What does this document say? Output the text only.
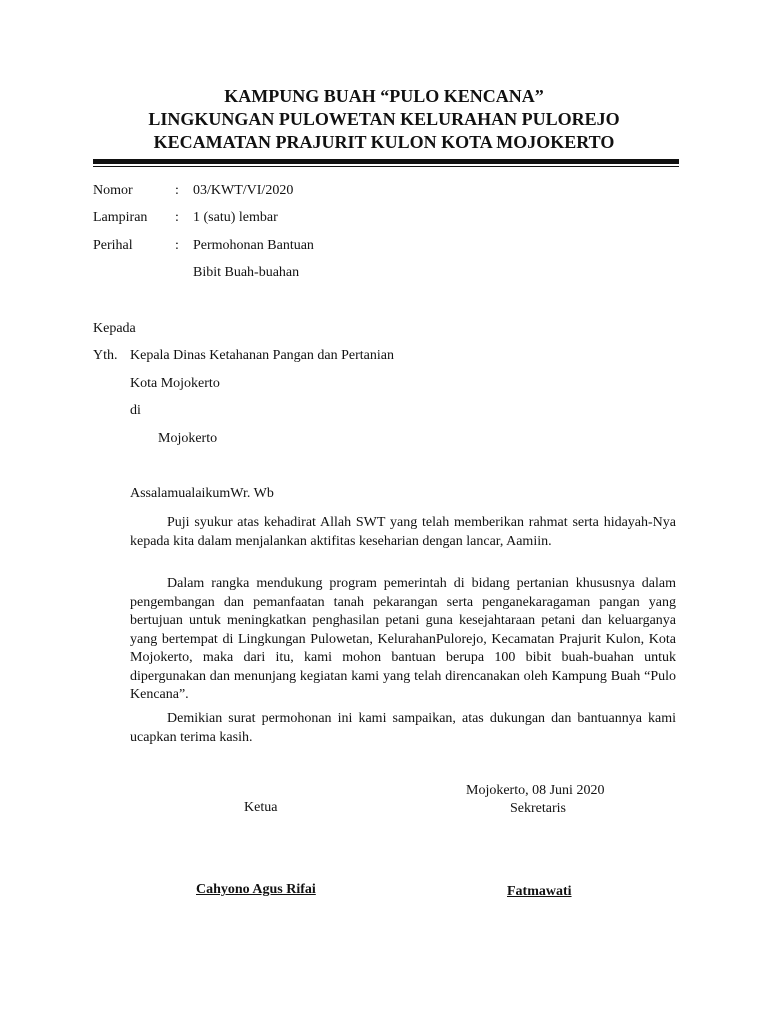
KAMPUNG BUAH “PULO KENCANA”
LINGKUNGAN PULOWETAN KELURAHAN PULOREJO
KECAMATAN PRAJURIT KULON KOTA MOJOKERTO
Nomor	: 03/KWT/VI/2020
Lampiran : 1 (satu) lembar
Perihal	: Permohonan Bantuan
Bibit Buah-buahan
Kepada
Yth. Kepala Dinas Ketahanan Pangan dan Pertanian
Kota Mojokerto
di
Mojokerto
AssalamualaikumWr. Wb
Puji syukur atas kehadirat Allah SWT yang telah memberikan rahmat serta hidayah-Nya kepada kita dalam menjalankan aktifitas keseharian dengan lancar, Aamiin.
Dalam rangka mendukung program pemerintah di bidang pertanian khususnya dalam pengembangan dan pemanfaatan tanah pekarangan serta penganekaragaman pangan yang bertujuan untuk meningkatkan penghasilan petani guna kesejahtaraan petani dan keluarganya yang bertempat di Lingkungan Pulowetan, KelurahanPulorejo, Kecamatan Prajurit Kulon, Kota Mojokerto, maka dari itu, kami mohon bantuan berupa 100 bibit buah-buahan untuk dipergunakan dan menunjang kegiatan kami yang telah direncanakan oleh Kampung Buah “Pulo Kencana”.
Demikian surat permohonan ini kami sampaikan, atas dukungan dan bantuannya kami ucapkan terima kasih.
Mojokerto, 08 Juni 2020
Ketua	Sekretaris
Cahyono Agus Rifai	Fatmawati
